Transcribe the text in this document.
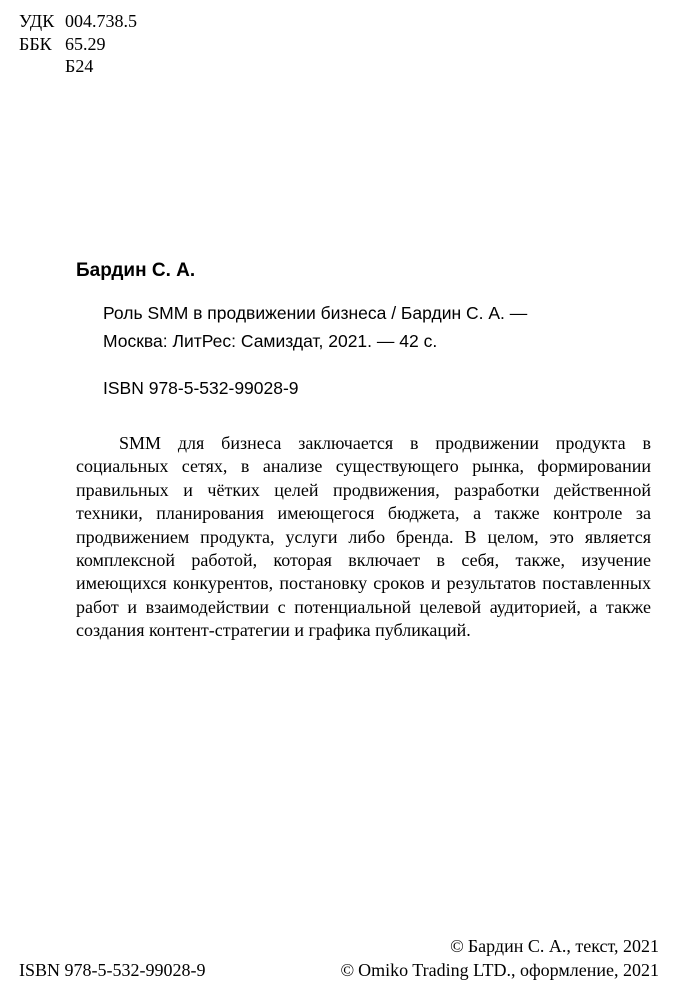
УДК 004.738.5
ББК 65.29
Б24
Бардин С. А.
Роль SMM в продвижении бизнеса / Бардин С. А. —
Москва: ЛитРес: Самиздат, 2021. — 42 с.
ISBN 978-5-532-99028-9

SMM для бизнеса заключается в продвижении продукта в социальных сетях, в анализе существующего рынка, формировании правильных и чётких целей продвижения, разработки действенной техники, планирования имеющегося бюджета, а также контроле за продвижением продукта, услуги либо бренда. В целом, это является комплексной работой, которая включает в себя, также, изучение имеющихся конкурентов, постановку сроков и результатов поставленных работ и взаимодействии с потенциальной целевой аудиторией, а также создания контент-стратегии и графика публикаций.

ISBN 978-5-532-99028-9
© Бардин С. А., текст, 2021
© Omiko Trading LTD., оформление, 2021
